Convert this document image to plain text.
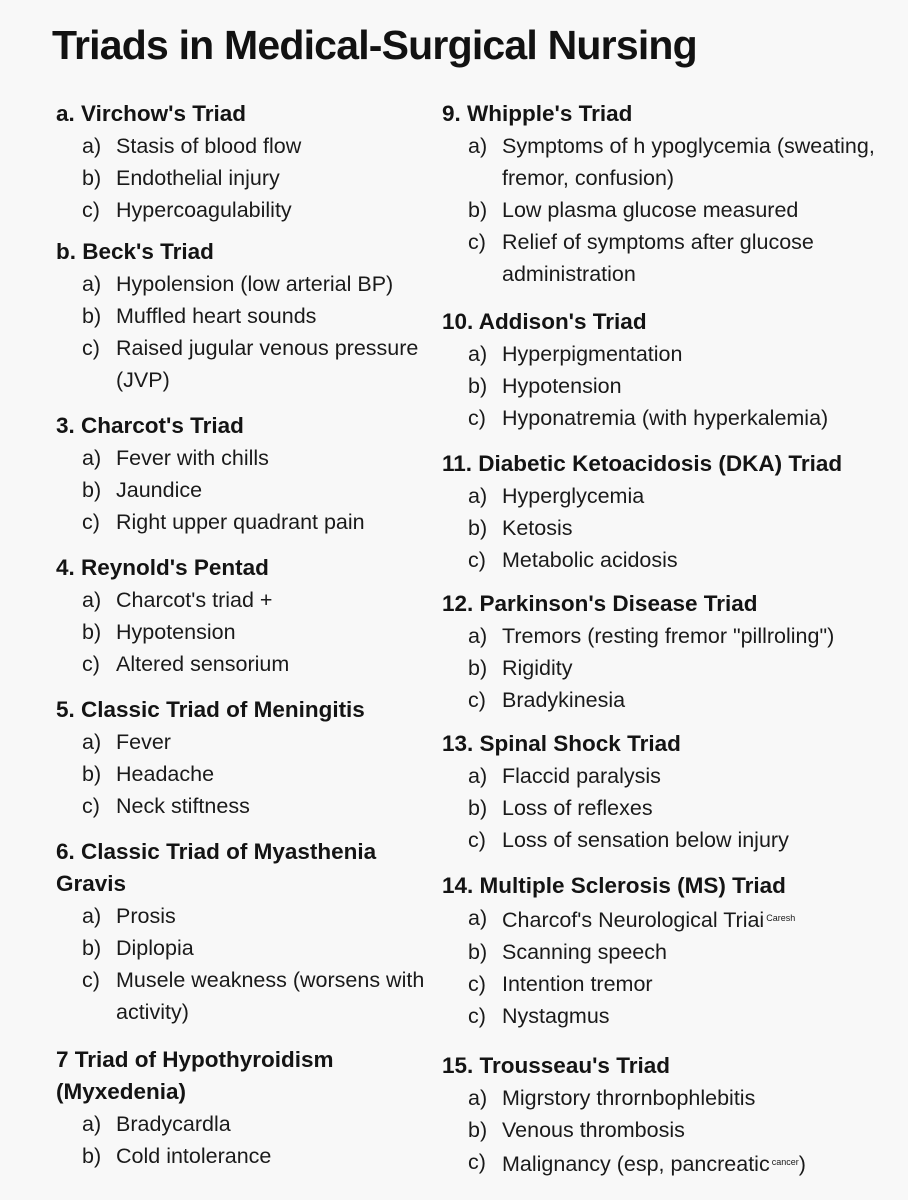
Triads in Medical-Surgical Nursing
a. Virchow's Triad
a) Stasis of blood flow
b) Endothelial injury
c) Hypercoagulability
b. Beck's Triad
a) Hypolension (low arterial BP)
b) Muffled heart sounds
c) Raised jugular venous pressure (JVP)
3. Charcot's Triad
a) Fever with chills
b) Jaundice
c) Right upper quadrant pain
4. Reynold's Pentad
a) Charcot's triad +
b) Hypotension
c) Altered sensorium
5. Classic Triad of Meningitis
a) Fever
b) Headache
c) Neck stiftness
6. Classic Triad of Myasthenia Gravis
a) Prosis
b) Diplopia
c) Musele weakness (worsens with activity)
7 Triad of Hypothyroidism (Myxedenia)
a) Bradycardla
b) Cold intolerance
9. Whipple's Triad
a) Symptoms of h ypoglycemia (sweating, fremor, confusion)
b) Low plasma glucose measured
c) Relief of symptoms after glucose administration
10. Addison's Triad
a) Hyperpigmentation
b) Hypotension
c) Hyponatremia (with hyperkalemia)
11. Diabetic Ketoacidosis (DKA) Triad
a) Hyperglycemia
b) Ketosis
c) Metabolic acidosis
12. Parkinson's Disease Triad
a) Tremors (resting fremor "pillroling")
b) Rigidity
c) Bradykinesia
13. Spinal Shock Triad
a) Flaccid paralysis
b) Loss of reflexes
c) Loss of sensation below injury
14. Multiple Sclerosis (MS) Triad
a) Charcof's Neurological Triai $^{Caresh}$
b) Scanning speech
c) Intention tremor
c) Nystagmus
15. Trousseau's Triad
a) Migrstory thrornbophlebitis
b) Venous thrombosis
c) Malignancy (esp, pancreatic $^{cancer}$)
